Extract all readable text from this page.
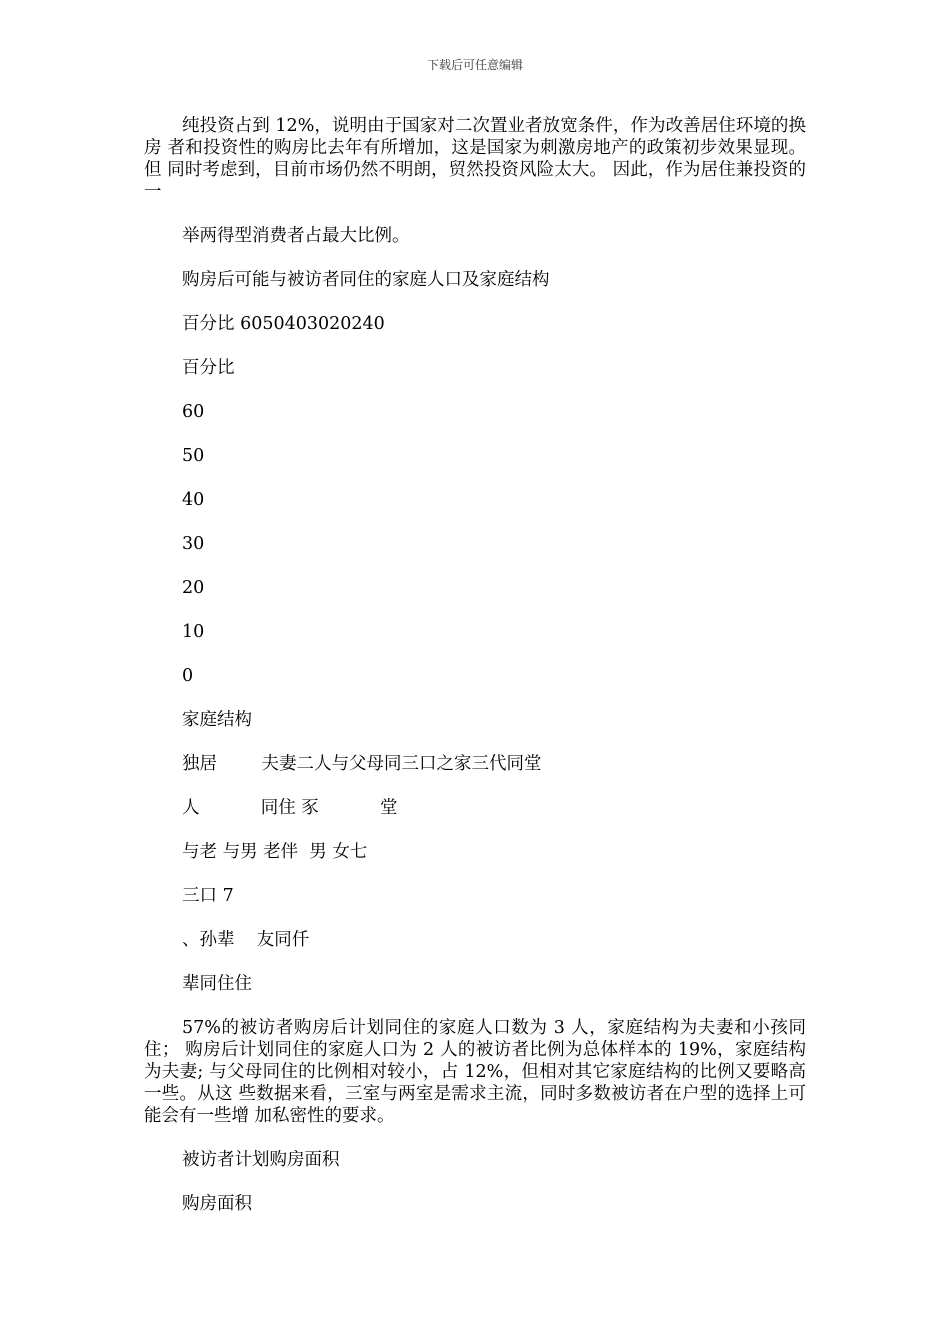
下载后可任意编辑

纯投资占到 12%，说明由于国家对二次置业者放宽条件，作为改善居住环境的换房 者和投资性的购房比去年有所增加，这是国家为刺激房地产的政策初步效果显现。但 同时考虑到，目前市场仍然不明朗，贸然投资风险太大。 因此，作为居住兼投资的一

举两得型消费者占最大比例。

购房后可能与被访者同住的家庭人口及家庭结构

百分比 6050403020240

百分比

60

50

40

30

20

10

0

家庭结构

独居        夫妻二人与父母同三口之家三代同堂

人           同住 豕           堂

与老 与男 老伴  男 女七

三口 7

、孙辈    友同仟

辈同住住

57%的被访者购房后计划同住的家庭人口数为 3 人，家庭结构为夫妻和小孩同住； 购房后计划同住的家庭人口为 2 人的被访者比例为总体样本的 19%，家庭结构为夫妻; 与父母同住的比例相对较小，占 12%，但相对其它家庭结构的比例又要略高一些。从这 些数据来看，三室与两室是需求主流，同时多数被访者在户型的选择上可能会有一些增 加私密性的要求。

被访者计划购房面积

购房面积
